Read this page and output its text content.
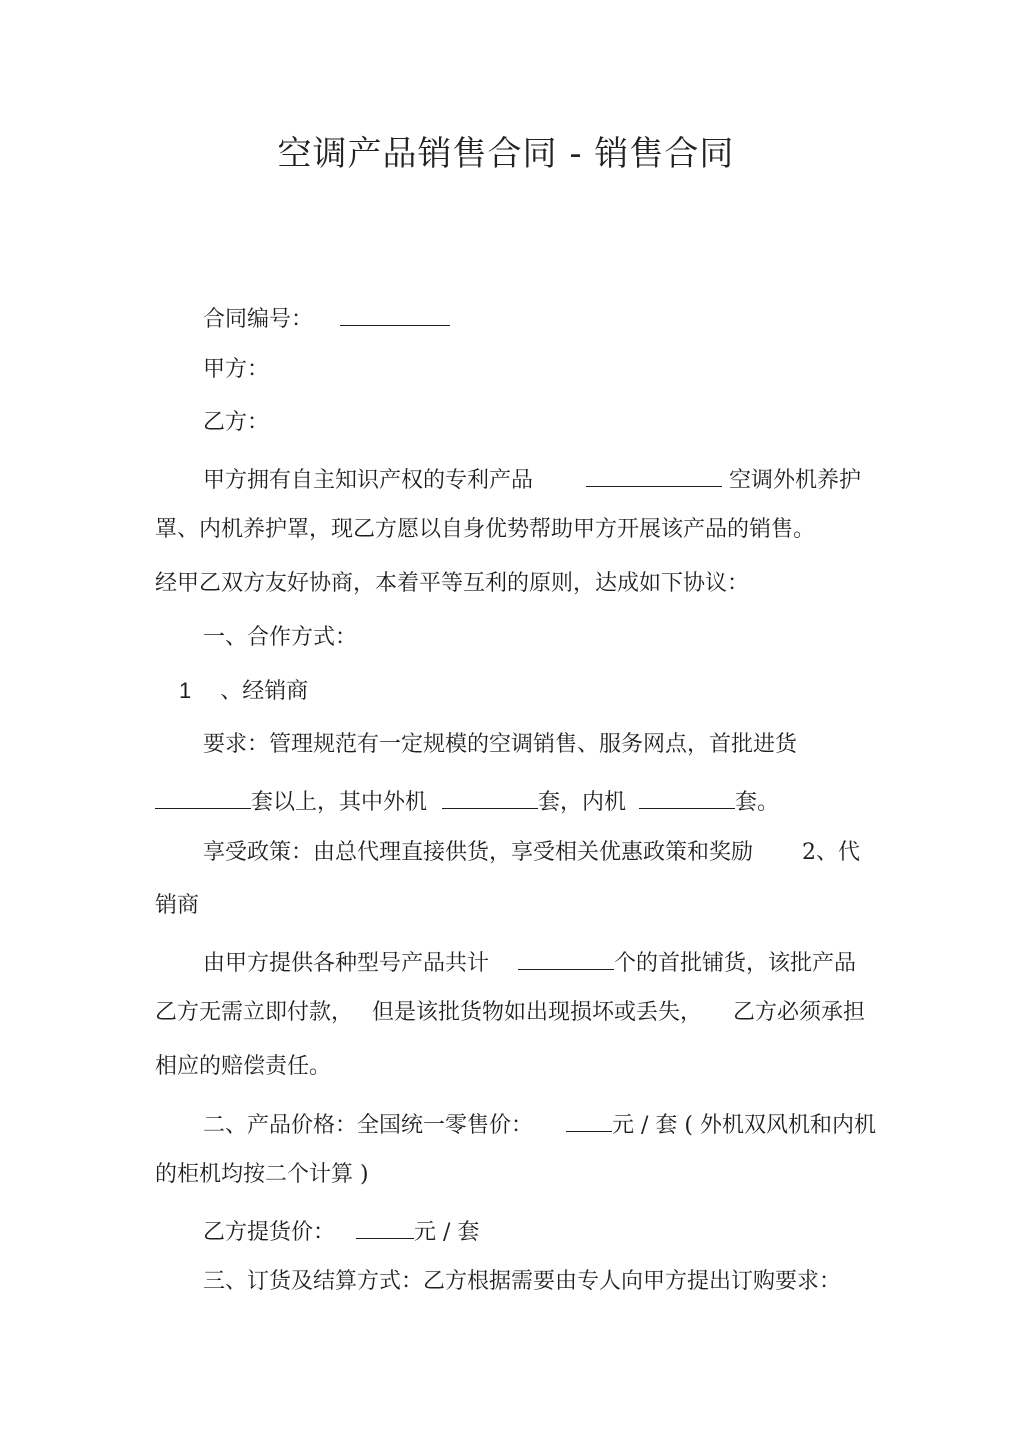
空调产品销售合同 - 销售合同
合同编号：
甲方：
乙方：
甲方拥有自主知识产权的专利产品	空调外机养护
罩、内机养护罩，现乙方愿以自身优势帮助甲方开展该产品的销售。
经甲乙双方友好协商，本着平等互利的原则，达成如下协议：
一、合作方式：
1 、经销商
要求：管理规范有一定规模的空调销售、服务网点，首批进货
套以上，其中外机	套，内机	套。
享受政策：由总代理直接供货，享受相关优惠政策和奖励 2、代
销商
由甲方提供各种型号产品共计	个的首批铺货，该批产品
乙方无需立即付款， 但是该批货物如出现损坏或丢失， 乙方必须承担
相应的赔偿责任。
二、产品价格：全国统一零售价：	元 / 套 ( 外机双风机和内机
的柜机均按二个计算 )
乙方提货价：	元 / 套
三、订货及结算方式：乙方根据需要由专人向甲方提出订购要求：
